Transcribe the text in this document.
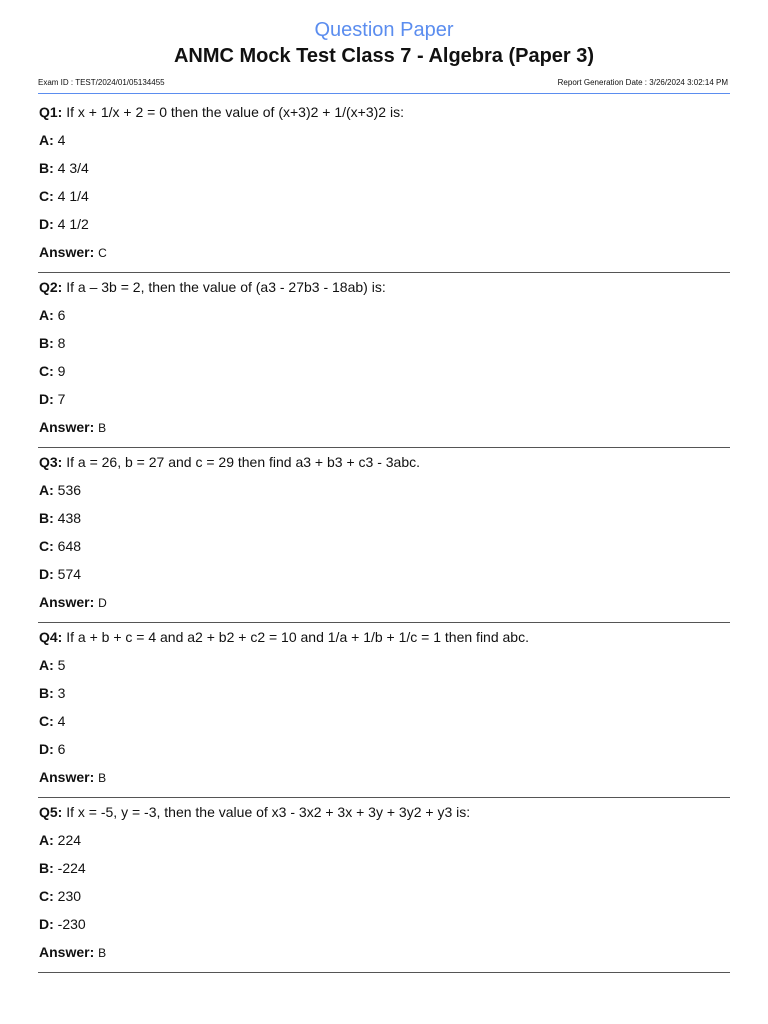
Question Paper
ANMC Mock Test Class 7 - Algebra (Paper 3)
Exam ID : TEST/2024/01/05134455	Report Generation Date : 3/26/2024 3:02:14 PM
Q1: If x + 1/x + 2 = 0 then the value of (x+3)2 + 1/(x+3)2 is:
A: 4
B: 4 3/4
C: 4 1/4
D: 4 1/2
Answer: C
Q2: If a – 3b = 2, then the value of (a3 - 27b3 - 18ab) is:
A: 6
B: 8
C: 9
D: 7
Answer: B
Q3: If a = 26, b = 27 and c = 29 then find a3 + b3 + c3 - 3abc.
A: 536
B: 438
C: 648
D: 574
Answer: D
Q4: If a + b + c = 4 and a2 + b2 + c2 = 10 and 1/a + 1/b + 1/c = 1 then find abc.
A: 5
B: 3
C: 4
D: 6
Answer: B
Q5: If x = -5, y = -3, then the value of x3 - 3x2 + 3x + 3y + 3y2 + y3 is:
A: 224
B: -224
C: 230
D: -230
Answer: B
